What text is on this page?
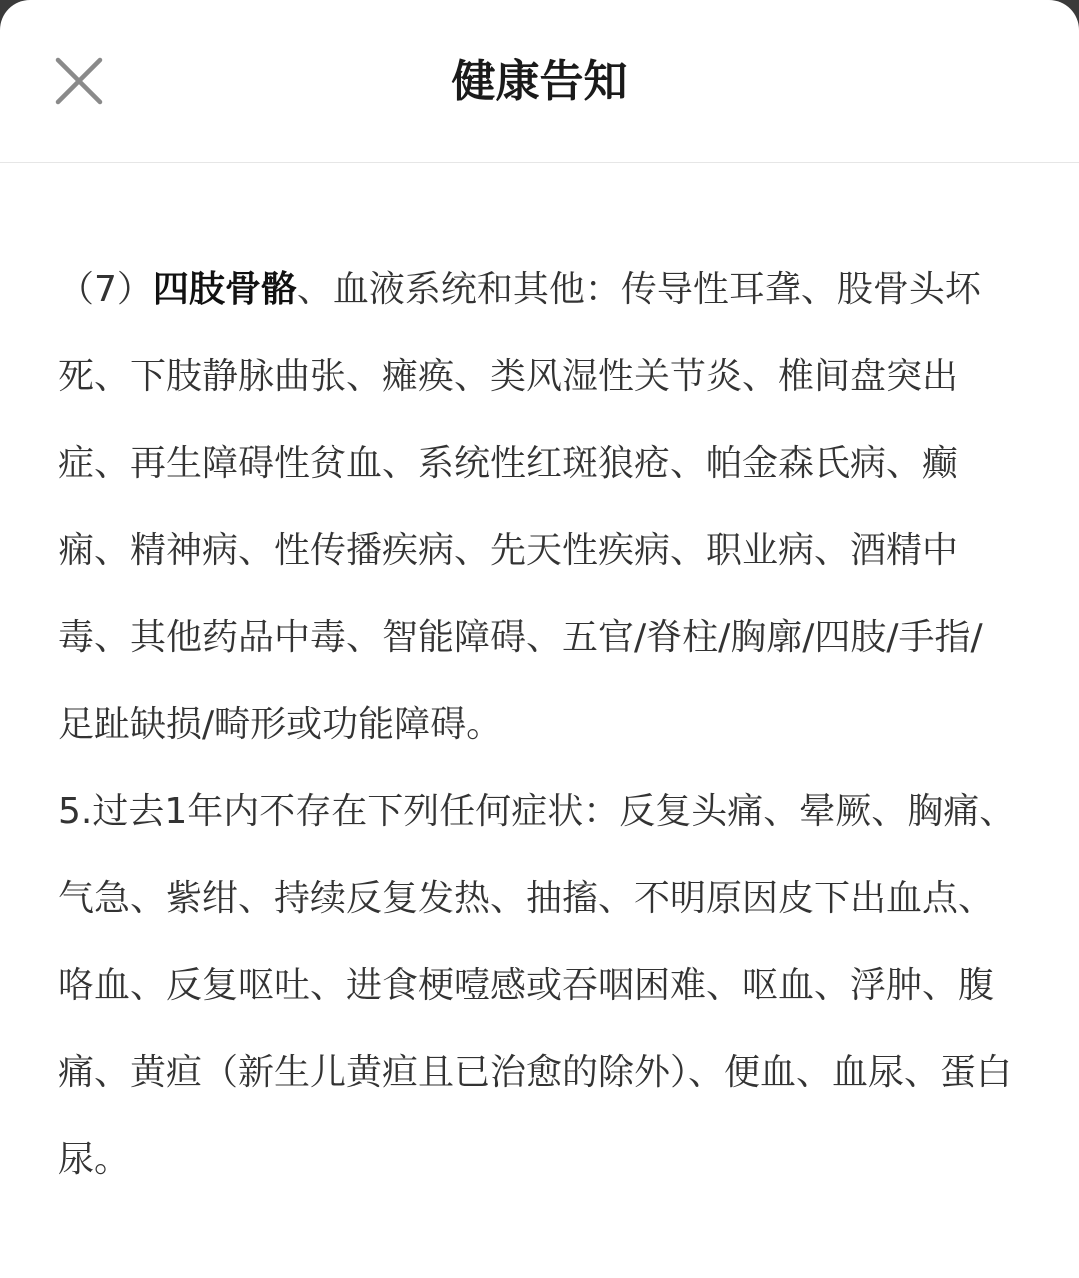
健康告知

（7）四肢骨骼、血液系统和其他：传导性耳聋、股骨头坏死、下肢静脉曲张、瘫痪、类风湿性关节炎、椎间盘突出症、再生障碍性贫血、系统性红斑狼疮、帕金森氏病、癫痫、精神病、性传播疾病、先天性疾病、职业病、酒精中毒、其他药品中毒、智能障碍、五官/脊柱/胸廓/四肢/手指/足趾缺损/畸形或功能障碍。

5.过去1年内不存在下列任何症状：反复头痛、晕厥、胸痛、气急、紫绀、持续反复发热、抽搐、不明原因皮下出血点、咯血、反复呕吐、进食梗噎感或吞咽困难、呕血、浮肿、腹痛、黄疸（新生儿黄疸且已治愈的除外）、便血、血尿、蛋白尿。
